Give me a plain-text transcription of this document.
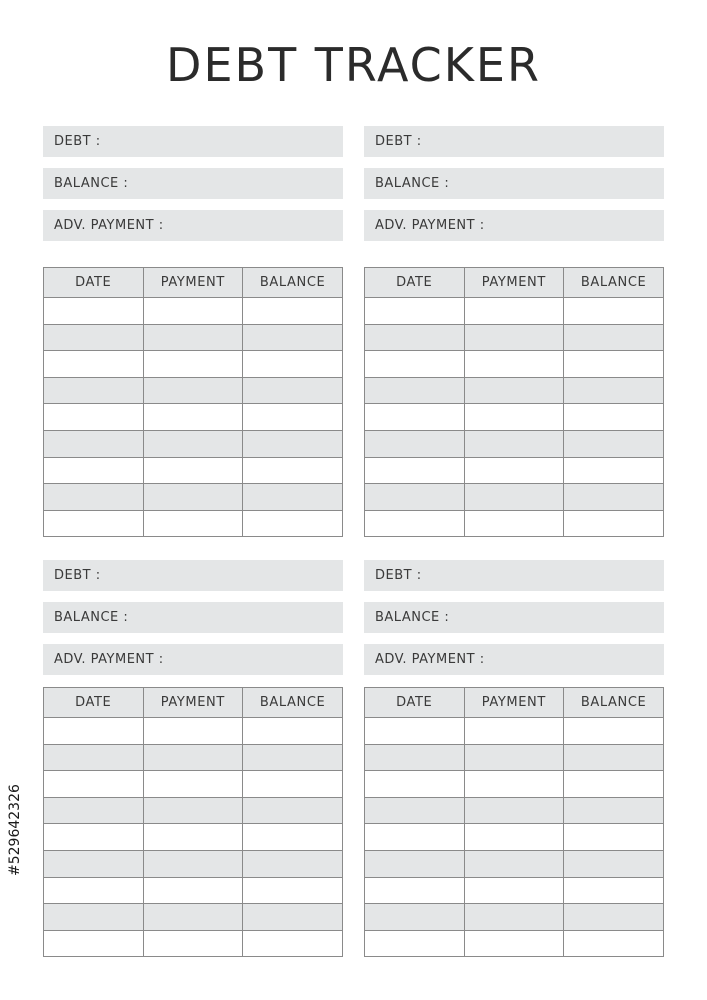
DEBT TRACKER
DEBT :
BALANCE :
ADV. PAYMENT :
DATE	PAYMENT	BALANCE

DEBT :
BALANCE :
ADV. PAYMENT :
DATE	PAYMENT	BALANCE

DEBT :
BALANCE :
ADV. PAYMENT :
DATE	PAYMENT	BALANCE

DEBT :
BALANCE :
ADV. PAYMENT :
DATE	PAYMENT	BALANCE

#529642326
